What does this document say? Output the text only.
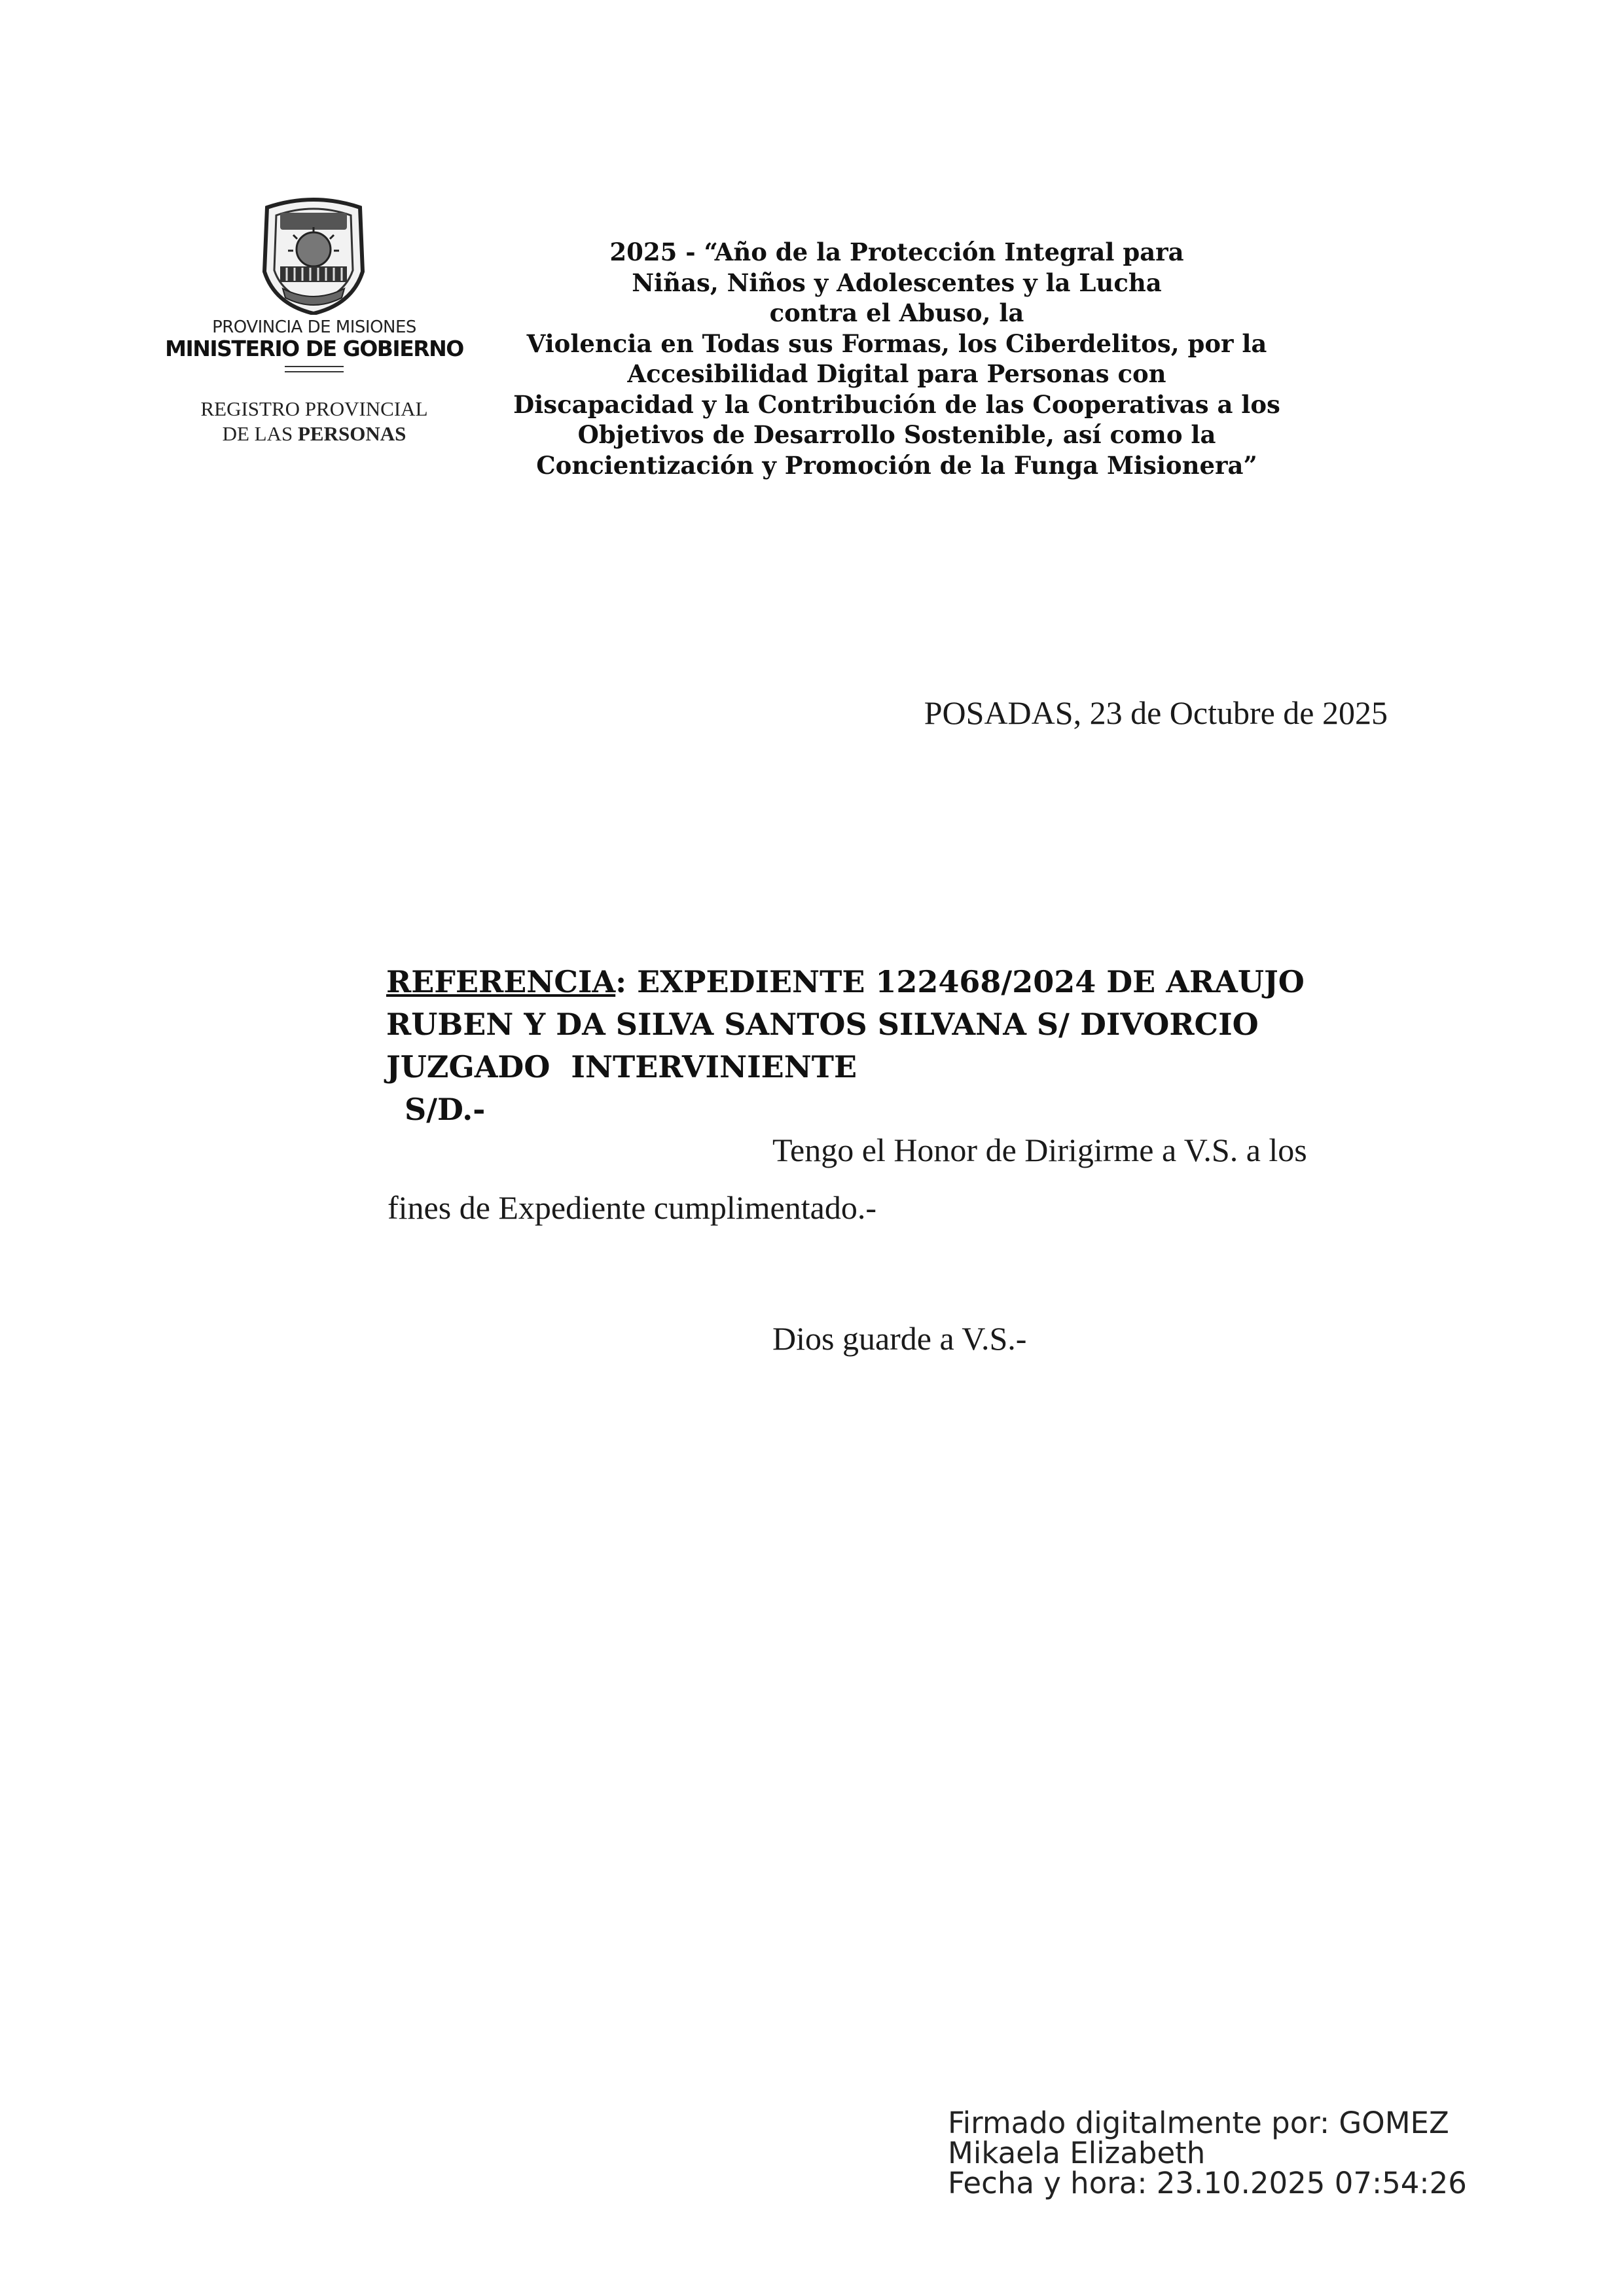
PROVINCIA DE MISIONES
MINISTERIO DE GOBIERNO
REGISTRO PROVINCIAL
DE LAS PERSONAS
2025 - “Año de la Protección Integral para
Niñas, Niños y Adolescentes y la Lucha
contra el Abuso, la
Violencia en Todas sus Formas, los Ciberdelitos, por la
Accesibilidad Digital para Personas con
Discapacidad y la Contribución de las Cooperativas a los
Objetivos de Desarrollo Sostenible, así como la
Concientización y Promoción de la Funga Misionera”
POSADAS, 23 de Octubre de 2025
REFERENCIA: EXPEDIENTE 122468/2024 DE ARAUJO
RUBEN Y DA SILVA SANTOS SILVANA S/ DIVORCIO
JUZGADO  INTERVINIENTE
S/D.-
Tengo el Honor de Dirigirme a V.S. a los
fines de Expediente cumplimentado.-
Dios guarde a V.S.-
Firmado digitalmente por: GOMEZ
Mikaela Elizabeth
Fecha y hora: 23.10.2025 07:54:26
